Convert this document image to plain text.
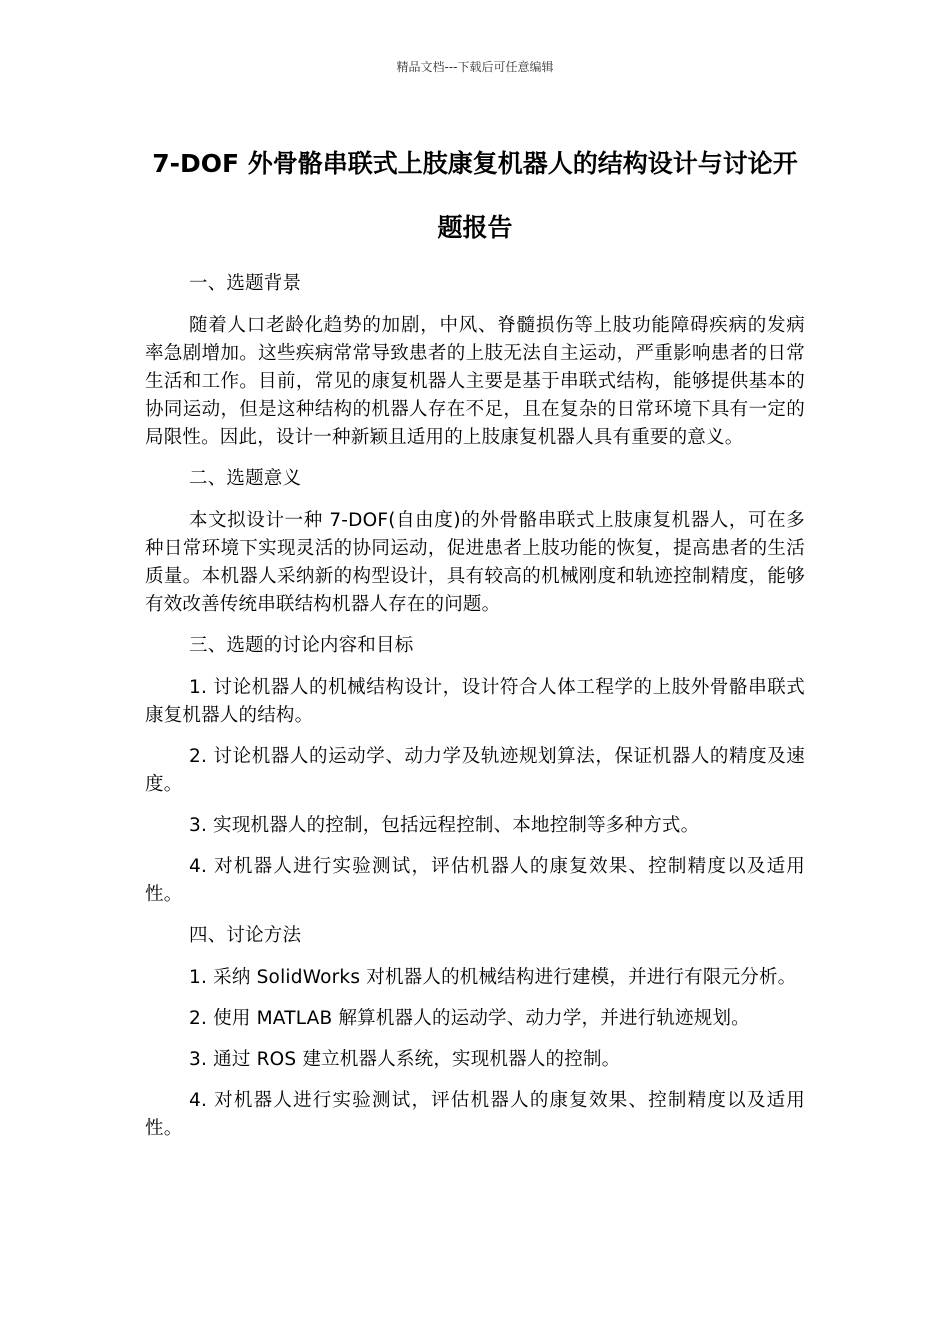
精品文档---下载后可任意编辑
7-DOF 外骨骼串联式上肢康复机器人的结构设计与讨论开题报告

一、选题背景

随着人口老龄化趋势的加剧，中风、脊髓损伤等上肢功能障碍疾病的发病率急剧增加。这些疾病常常导致患者的上肢无法自主运动，严重影响患者的日常生活和工作。目前，常见的康复机器人主要是基于串联式结构，能够提供基本的协同运动，但是这种结构的机器人存在不足，且在复杂的日常环境下具有一定的局限性。因此，设计一种新颖且适用的上肢康复机器人具有重要的意义。

二、选题意义

本文拟设计一种 7-DOF(自由度)的外骨骼串联式上肢康复机器人，可在多种日常环境下实现灵活的协同运动，促进患者上肢功能的恢复，提高患者的生活质量。本机器人采纳新的构型设计，具有较高的机械刚度和轨迹控制精度，能够有效改善传统串联结构机器人存在的问题。

三、选题的讨论内容和目标

1. 讨论机器人的机械结构设计，设计符合人体工程学的上肢外骨骼串联式康复机器人的结构。

2. 讨论机器人的运动学、动力学及轨迹规划算法，保证机器人的精度及速度。

3. 实现机器人的控制，包括远程控制、本地控制等多种方式。

4. 对机器人进行实验测试，评估机器人的康复效果、控制精度以及适用性。

四、讨论方法

1. 采纳 SolidWorks 对机器人的机械结构进行建模，并进行有限元分析。

2. 使用 MATLAB 解算机器人的运动学、动力学，并进行轨迹规划。

3. 通过 ROS 建立机器人系统，实现机器人的控制。

4. 对机器人进行实验测试，评估机器人的康复效果、控制精度以及适用性。
